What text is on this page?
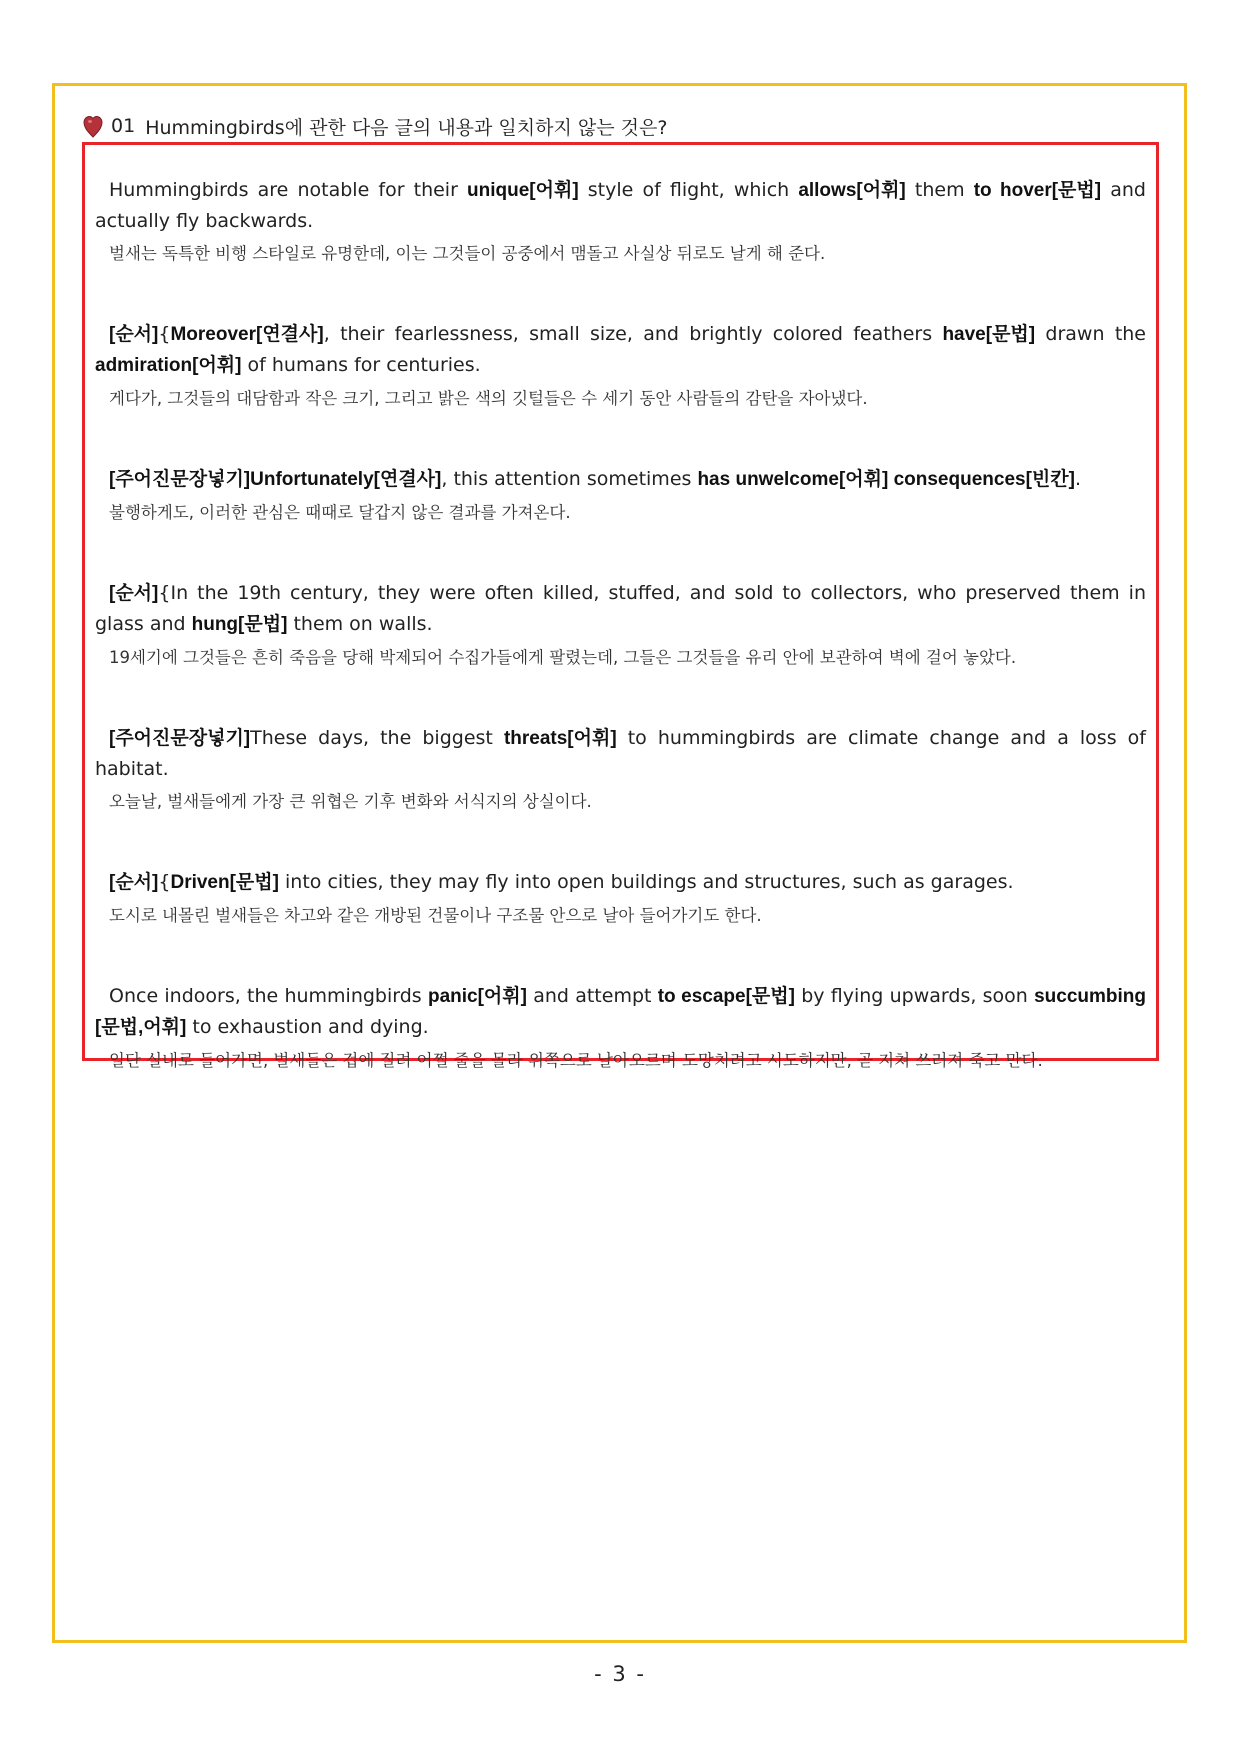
01 Hummingbirds에 관한 다음 글의 내용과 일치하지 않는 것은?

Hummingbirds are notable for their unique[어휘] style of flight, which allows[어휘] them to hover[문법] and actually fly backwards.

벌새는 독특한 비행 스타일로 유명한데, 이는 그것들이 공중에서 맴돌고 사실상 뒤로도 날게 해 준다.

[순서]{Moreover[연결사], their fearlessness, small size, and brightly colored feathers have[문법] drawn the admiration[어휘] of humans for centuries.

게다가, 그것들의 대담함과 작은 크기, 그리고 밝은 색의 깃털들은 수 세기 동안 사람들의 감탄을 자아냈다.

[주어진문장넣기]Unfortunately[연결사], this attention sometimes has unwelcome[어휘] consequences[빈칸].

불행하게도, 이러한 관심은 때때로 달갑지 않은 결과를 가져온다.

[순서]{In the 19th century, they were often killed, stuffed, and sold to collectors, who preserved them in glass and hung[문법] them on walls.

19세기에 그것들은 흔히 죽음을 당해 박제되어 수집가들에게 팔렸는데, 그들은 그것들을 유리 안에 보관하여 벽에 걸어 놓았다.

[주어진문장넣기]These days, the biggest threats[어휘] to hummingbirds are climate change and a loss of habitat.

오늘날, 벌새들에게 가장 큰 위협은 기후 변화와 서식지의 상실이다.

[순서]{Driven[문법] into cities, they may fly into open buildings and structures, such as garages.

도시로 내몰린 벌새들은 차고와 같은 개방된 건물이나 구조물 안으로 날아 들어가기도 한다.

Once indoors, the hummingbirds panic[어휘] and attempt to escape[문법] by flying upwards, soon succumbing [문법,어휘] to exhaustion and dying.

일단 실내로 들어가면, 벌새들은 겁에 질려 어쩔 줄을 몰라 위쪽으로 날아오르며 도망치려고 시도하지만, 곧 지쳐 쓰러져 죽고 만다.

- 3 -
